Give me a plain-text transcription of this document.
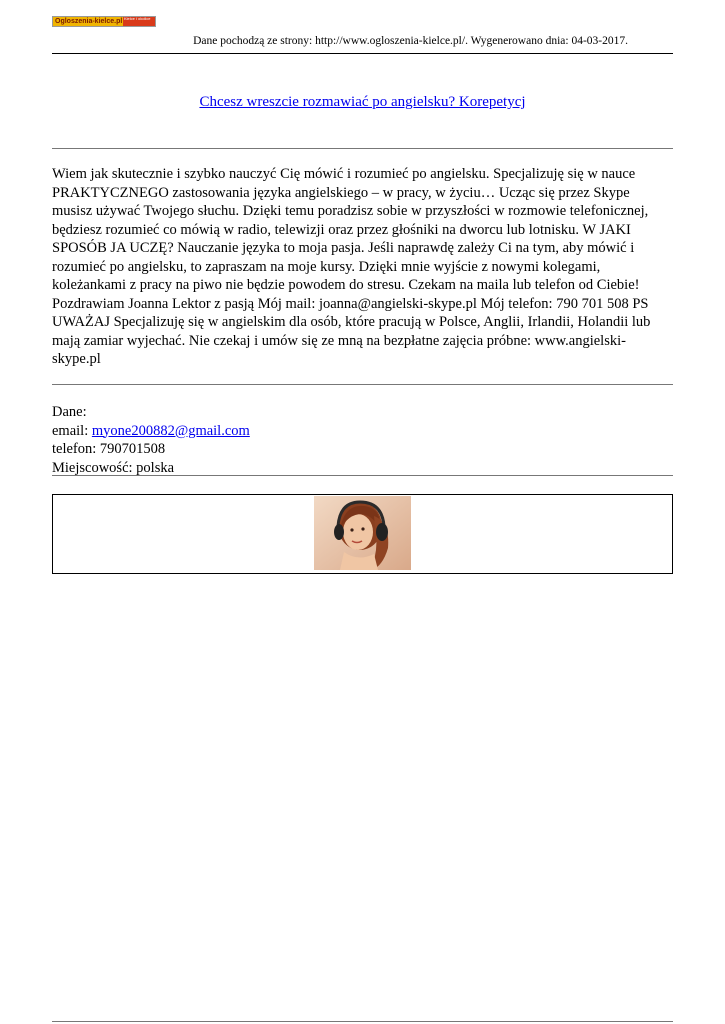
Ogloszenia-kielce.pl Kielce i okolice
Dane pochodzą ze strony: http://www.ogloszenia-kielce.pl/. Wygenerowano dnia: 04-03-2017.
Chcesz wreszcie rozmawiać po angielsku? Korepetycj

Wiem jak skutecznie i szybko nauczyć Cię mówić i rozumieć po angielsku. Specjalizuję się w nauce PRAKTYCZNEGO zastosowania języka angielskiego – w pracy, w życiu… Ucząc się przez Skype musisz używać Twojego słuchu. Dzięki temu poradzisz sobie w przyszłości w rozmowie telefonicznej, będziesz rozumieć co mówią w radio, telewizji oraz przez głośniki na dworcu lub lotnisku. W JAKI SPOSÓB JA UCZĘ? Nauczanie języka to moja pasja. Jeśli naprawdę zależy Ci na tym, aby mówić i rozumieć po angielsku, to zapraszam na moje kursy. Dzięki mnie wyjście z nowymi kolegami, koleżankami z pracy na piwo nie będzie powodem do stresu. Czekam na maila lub telefon od Ciebie! Pozdrawiam Joanna Lektor z pasją Mój mail: joanna@angielski-skype.pl Mój telefon: 790 701 508 PS UWAŻAJ Specjalizuję się w angielskim dla osób, które pracują w Polsce, Anglii, Irlandii, Holandii lub mają zamiar wyjechać. Nie czekaj i umów się ze mną na bezpłatne zajęcia próbne: www.angielski-skype.pl

Dane:
email: myone200882@gmail.com
telefon: 790701508
Miejscowość: polska
